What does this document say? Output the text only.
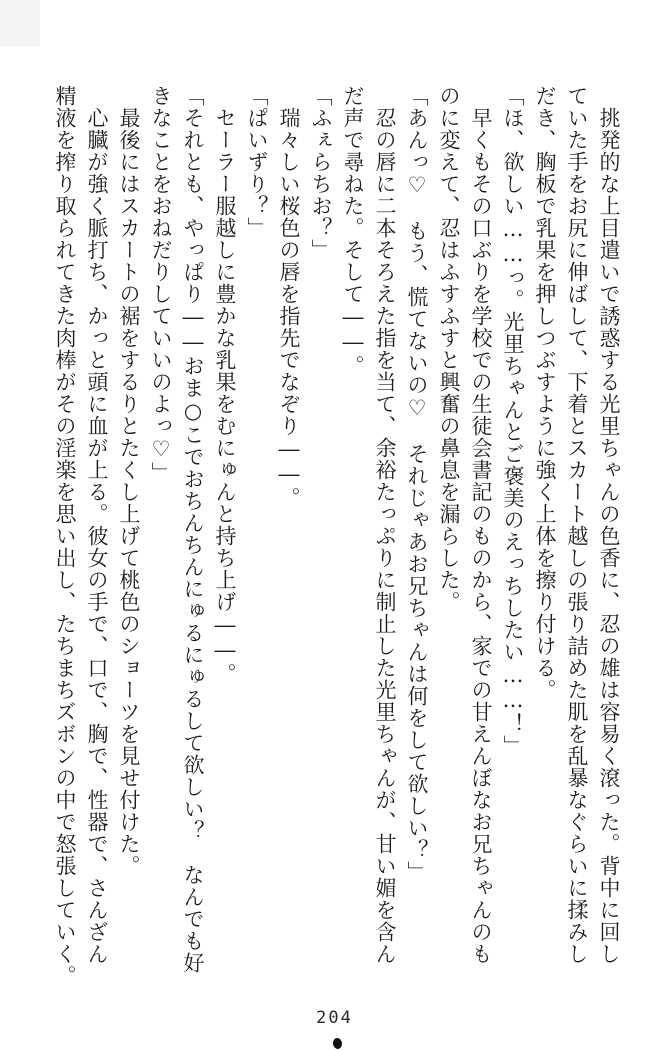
挑発的な上目遣いで誘惑する光里ちゃんの色香に、忍の雄は容易く滾った。背中に回し
ていた手をお尻に伸ばして、下着とスカート越しの張り詰めた肌を乱暴なぐらいに揉みし
だき、胸板で乳果を押しつぶすように強く上体を擦り付ける。
「ほ、欲しい……っ。光里ちゃんとご褒美のえっちしたい……！」
早くもその口ぶりを学校での生徒会書記のものから、家での甘えんぼなお兄ちゃんのも
のに変えて、忍はふすふすと興奮の鼻息を漏らした。
「あんっ♡　もう、慌てないの♡　それじゃあお兄ちゃんは何をして欲しい？」
忍の唇に二本そろえた指を当て、余裕たっぷりに制止した光里ちゃんが、甘い媚を含ん
だ声で尋ねた。そして――。
「ふぇらちお？」
瑞々しい桜色の唇を指先でなぞり――。
「ぱいずり？」
セーラー服越しに豊かな乳果をむにゅんと持ち上げ――。
「それとも、やっぱり――おま○こでおちんちんにゅるにゅるして欲しい？　なんでも好
きなことをおねだりしていいのよっ♡」
最後にはスカートの裾をするりとたくし上げて桃色のショーツを見せ付けた。
心臓が強く脈打ち、かっと頭に血が上る。彼女の手で、口で、胸で、性器で、さんざん
精液を搾り取られてきた肉棒がその淫楽を思い出し、たちまちズボンの中で怒張していく。
204
